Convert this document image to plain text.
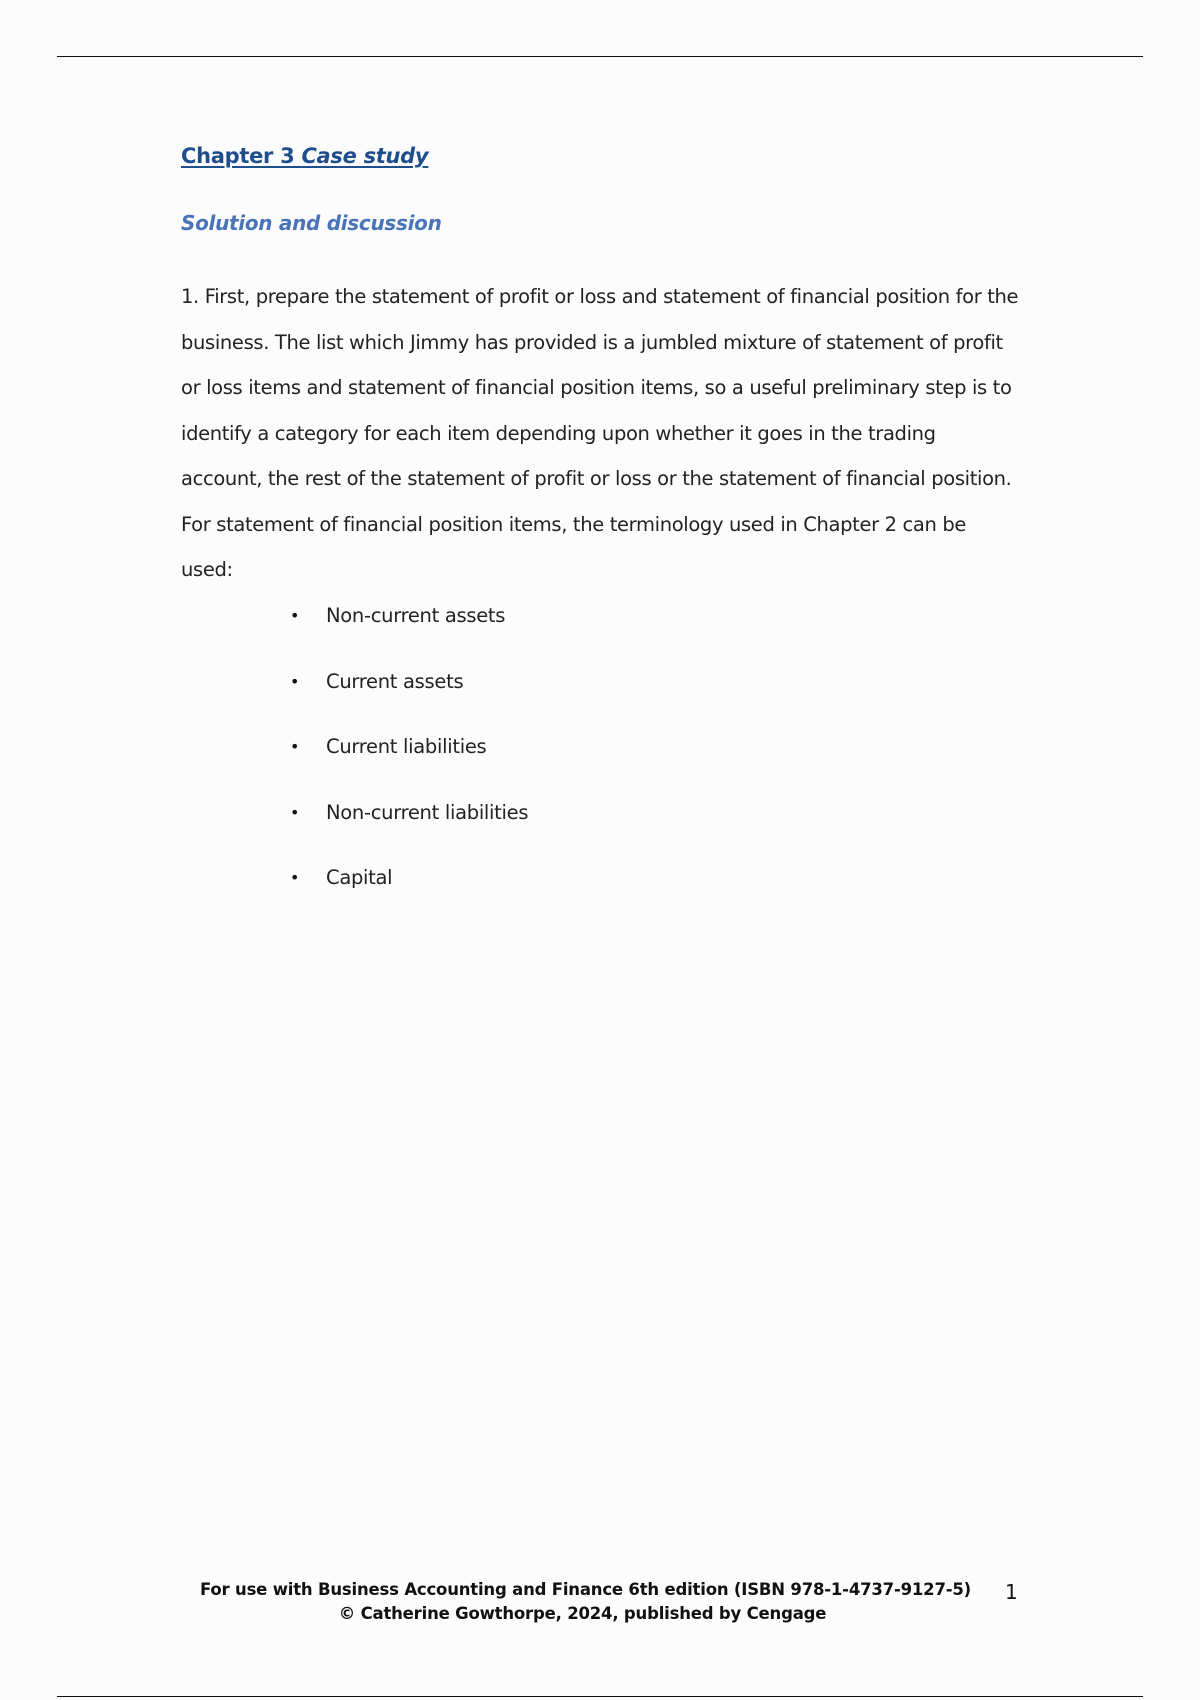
Chapter 3 Case study
Solution and discussion

1. First, prepare the statement of profit or loss and statement of financial position for the business. The list which Jimmy has provided is a jumbled mixture of statement of profit or loss items and statement of financial position items, so a useful preliminary step is to identify a category for each item depending upon whether it goes in the trading account, the rest of the statement of profit or loss or the statement of financial position. For statement of financial position items, the terminology used in Chapter 2 can be used:

•	Non-current assets
•	Current assets
•	Current liabilities
•	Non-current liabilities
•	Capital
For use with Business Accounting and Finance 6th edition (ISBN 978-1-4737-9127-5)
© Catherine Gowthorpe, 2024, published by Cengage
1
